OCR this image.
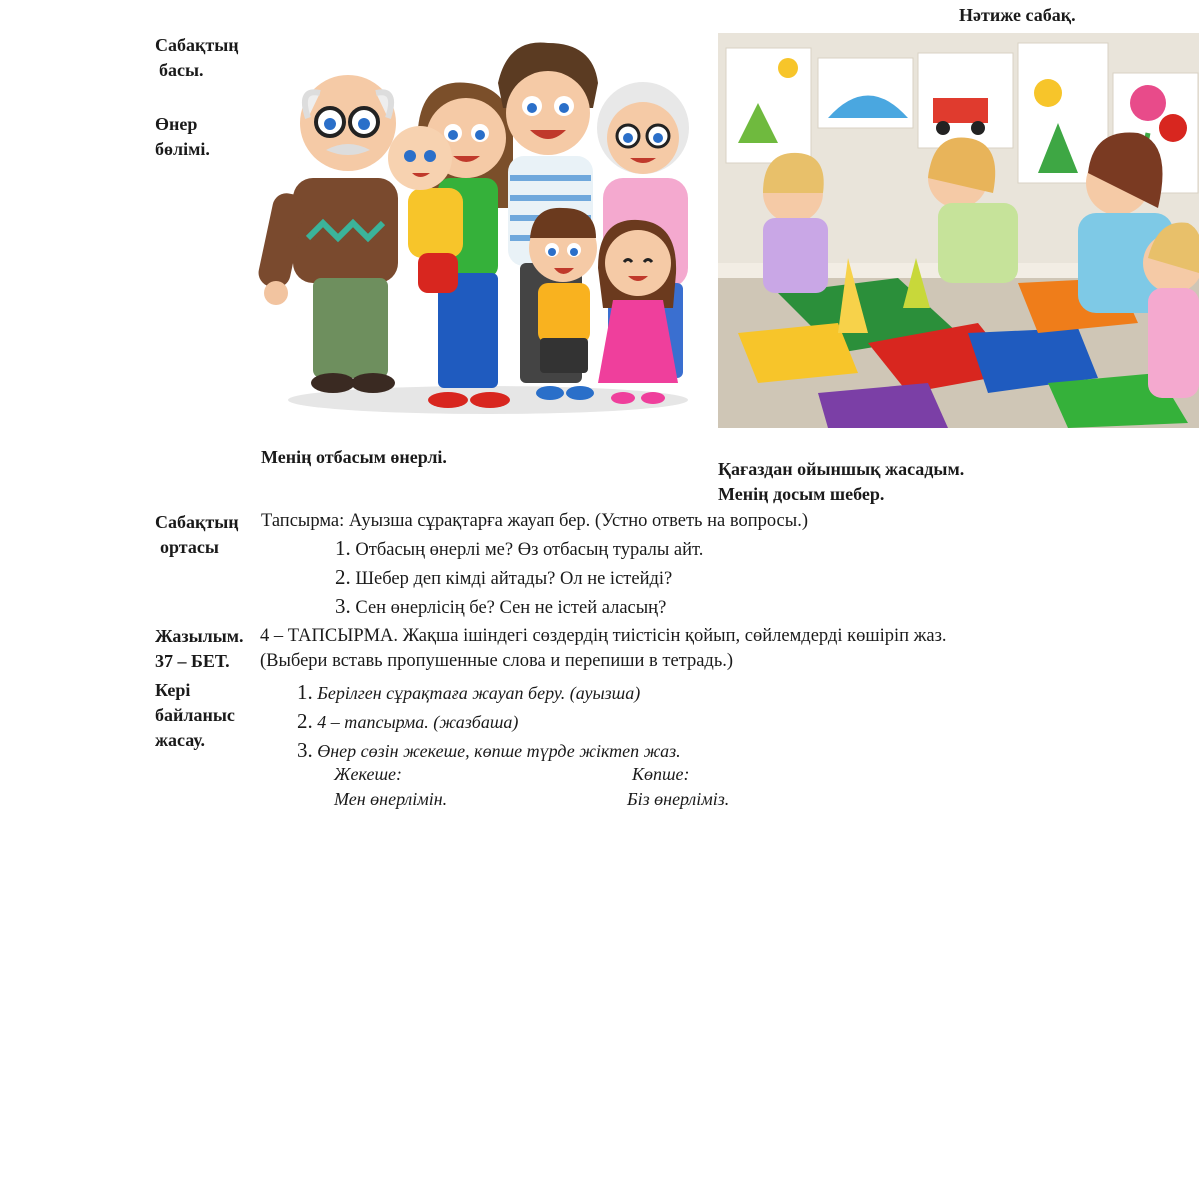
Нәтиже сабақ.
Сабақтың
басы.
Өнер
бөлімі.
Менің отбасым өнерлі.
Қағаздан ойыншық жасадым.
Менің досым шебер.
Сабақтың
ортасы
Тапсырма: Ауызша сұрақтарға жауап бер. (Устно ответь на вопросы.)
1. Отбасың өнерлі ме? Өз отбасың туралы айт.
2. Шебер деп кімді айтады? Ол не істейді?
3. Сен өнерлісің бе? Сен не істей аласың?
Жазылым.
37 – БЕТ.
4 – ТАПСЫРМА. Жақша ішіндегі сөздердің тиістісін қойып, сөйлемдерді көшіріп жаз.
(Выбери вставь пропушенные слова и перепиши в тетрадь.)
Кері
байланыс
жасау.
1. Берілген сұрақтаға жауап беру. (ауызша)
2. 4 – тапсырма. (жазбаша)
3. Өнер сөзін жекеше, көпше түрде жіктеп жаз.
Жекеше:	Көпше:
Мен өнерлімін.	Біз өнерліміз.
